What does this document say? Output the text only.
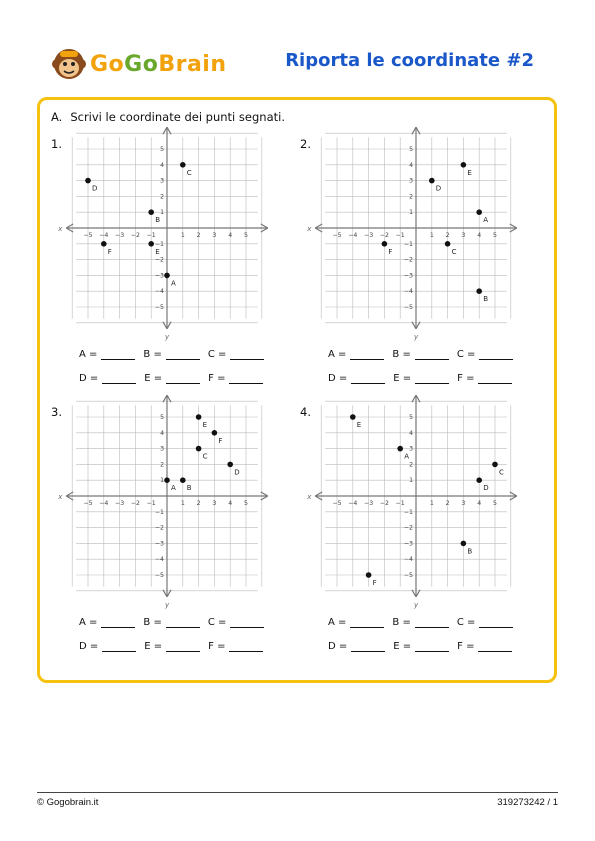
GoGoBrain	Riporta le coordinate #2
A. Scrivi le coordinate dei punti segnati.
1.
x
y
−5
−5
−4
−4
−3
−3
−2
−2
−1
−1
1
1
2
2
3
3
4
4
5
5
A
B
C
D
E
F
A =	B =	C =
D =	E =	F =
2.
x
y
−5
−5
−4
−4
−3
−3
−2
−2
−1
−1
1
1
2
2
3
3
4
4
5
5
A
B
C
D
E
F
A =	B =	C =
D =	E =	F =
3.
x
y
−5
−5
−4
−4
−3
−3
−2
−2
−1
−1
1
1
2
2
3
3
4
4
5
5
A B
C
D
E
F
A =	B =	C =
D =	E =	F =
4.
x
y
−5
−5
−4
−4
−3
−3
−2
−2
−1
−1
1
1
2
2
3
3
4
4
5
5
A
B
C
D
E
F
A =	B =	C =
D =	E =	F =
© Gogobrain.it	319273242 / 1
